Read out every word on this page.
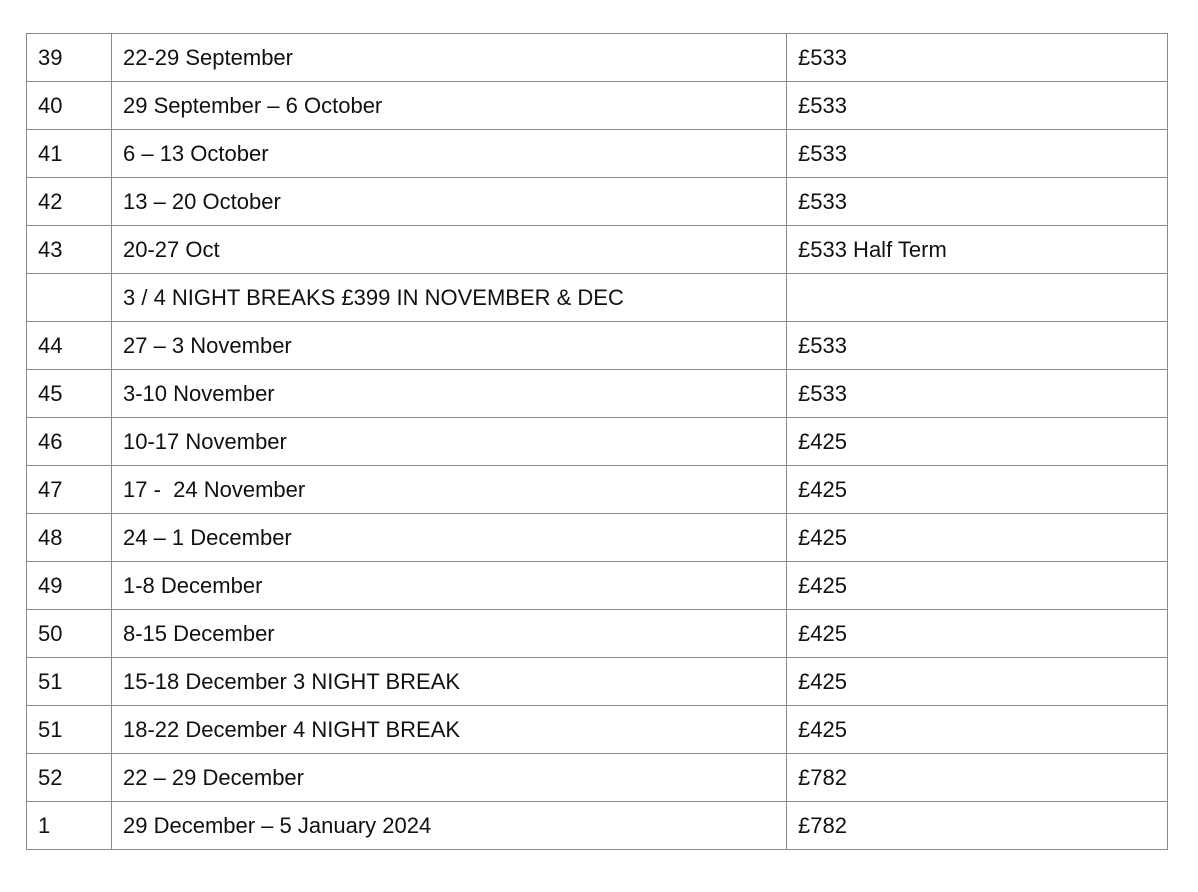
39	22-29 September	£533
40	29 September – 6 October	£533
41	6 – 13 October	£533
42	13 – 20 October	£533
43	20-27 Oct	£533 Half Term
	3 / 4 NIGHT BREAKS £399 IN NOVEMBER & DEC	
44	27 – 3 November	£533
45	3-10 November	£533
46	10-17 November	£425
47	17 -  24 November	£425
48	24 – 1 December	£425
49	1-8 December	£425
50	8-15 December	£425
51	15-18 December 3 NIGHT BREAK	£425
51	18-22 December 4 NIGHT BREAK	£425
52	22 – 29 December	£782
1	29 December – 5 January 2024	£782
